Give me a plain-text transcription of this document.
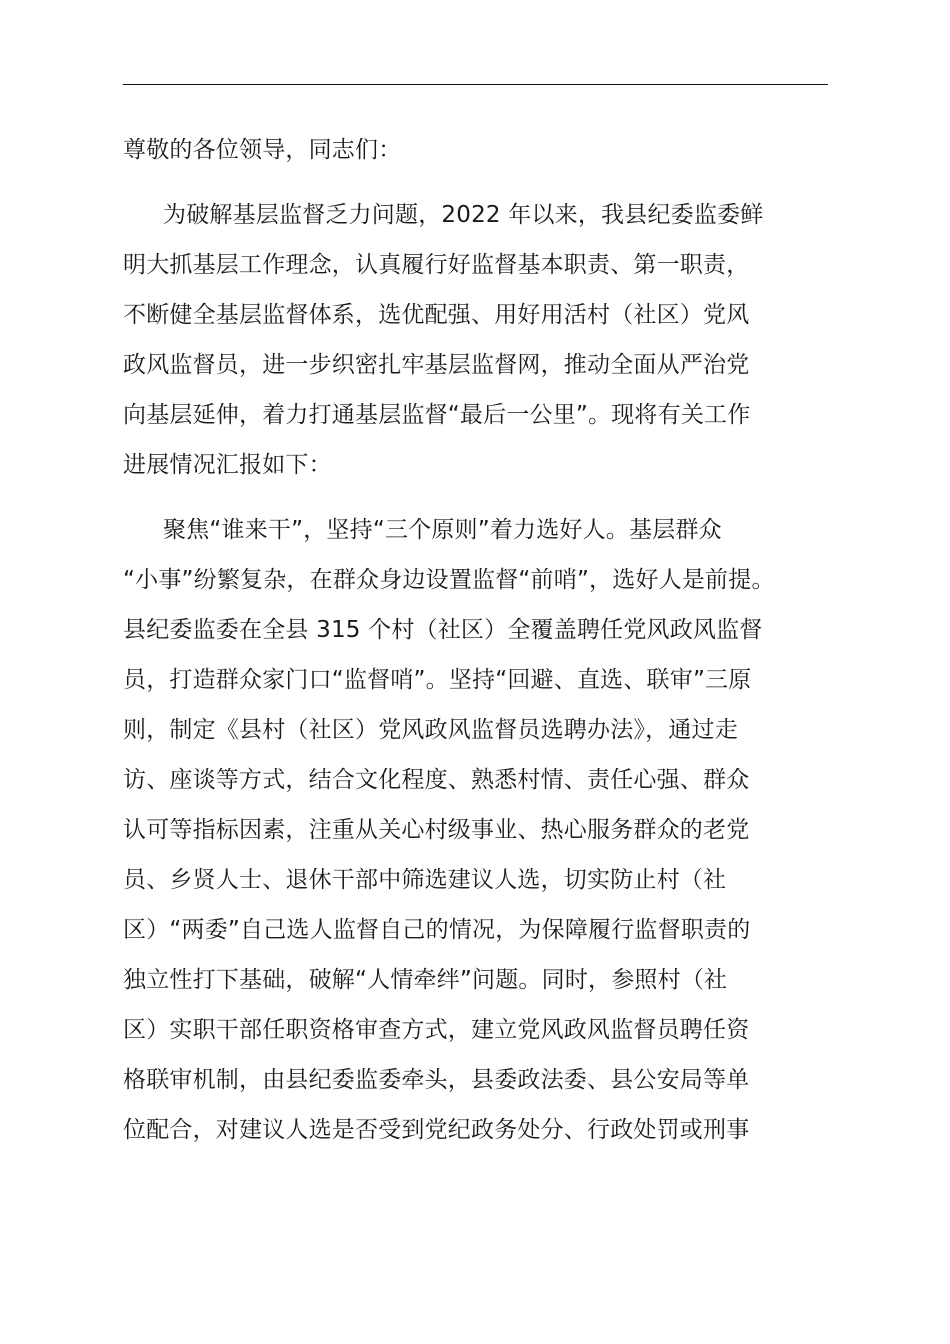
尊敬的各位领导，同志们：
为破解基层监督乏力问题，2022 年以来，我县纪委监委鲜
明大抓基层工作理念，认真履行好监督基本职责、第一职责，
不断健全基层监督体系，选优配强、用好用活村（社区）党风
政风监督员，进一步织密扎牢基层监督网，推动全面从严治党
向基层延伸，着力打通基层监督“最后一公里”。现将有关工作
进展情况汇报如下：
聚焦“谁来干”，坚持“三个原则”着力选好人。基层群众
“小事”纷繁复杂，在群众身边设置监督“前哨”，选好人是前提。
县纪委监委在全县 315 个村（社区）全覆盖聘任党风政风监督
员，打造群众家门口“监督哨”。坚持“回避、直选、联审”三原
则，制定《县村（社区）党风政风监督员选聘办法》，通过走
访、座谈等方式，结合文化程度、熟悉村情、责任心强、群众
认可等指标因素，注重从关心村级事业、热心服务群众的老党
员、乡贤人士、退休干部中筛选建议人选，切实防止村（社
区）“两委”自己选人监督自己的情况，为保障履行监督职责的
独立性打下基础，破解“人情牵绊”问题。同时，参照村（社
区）实职干部任职资格审查方式，建立党风政风监督员聘任资
格联审机制，由县纪委监委牵头，县委政法委、县公安局等单
位配合，对建议人选是否受到党纪政务处分、行政处罚或刑事
